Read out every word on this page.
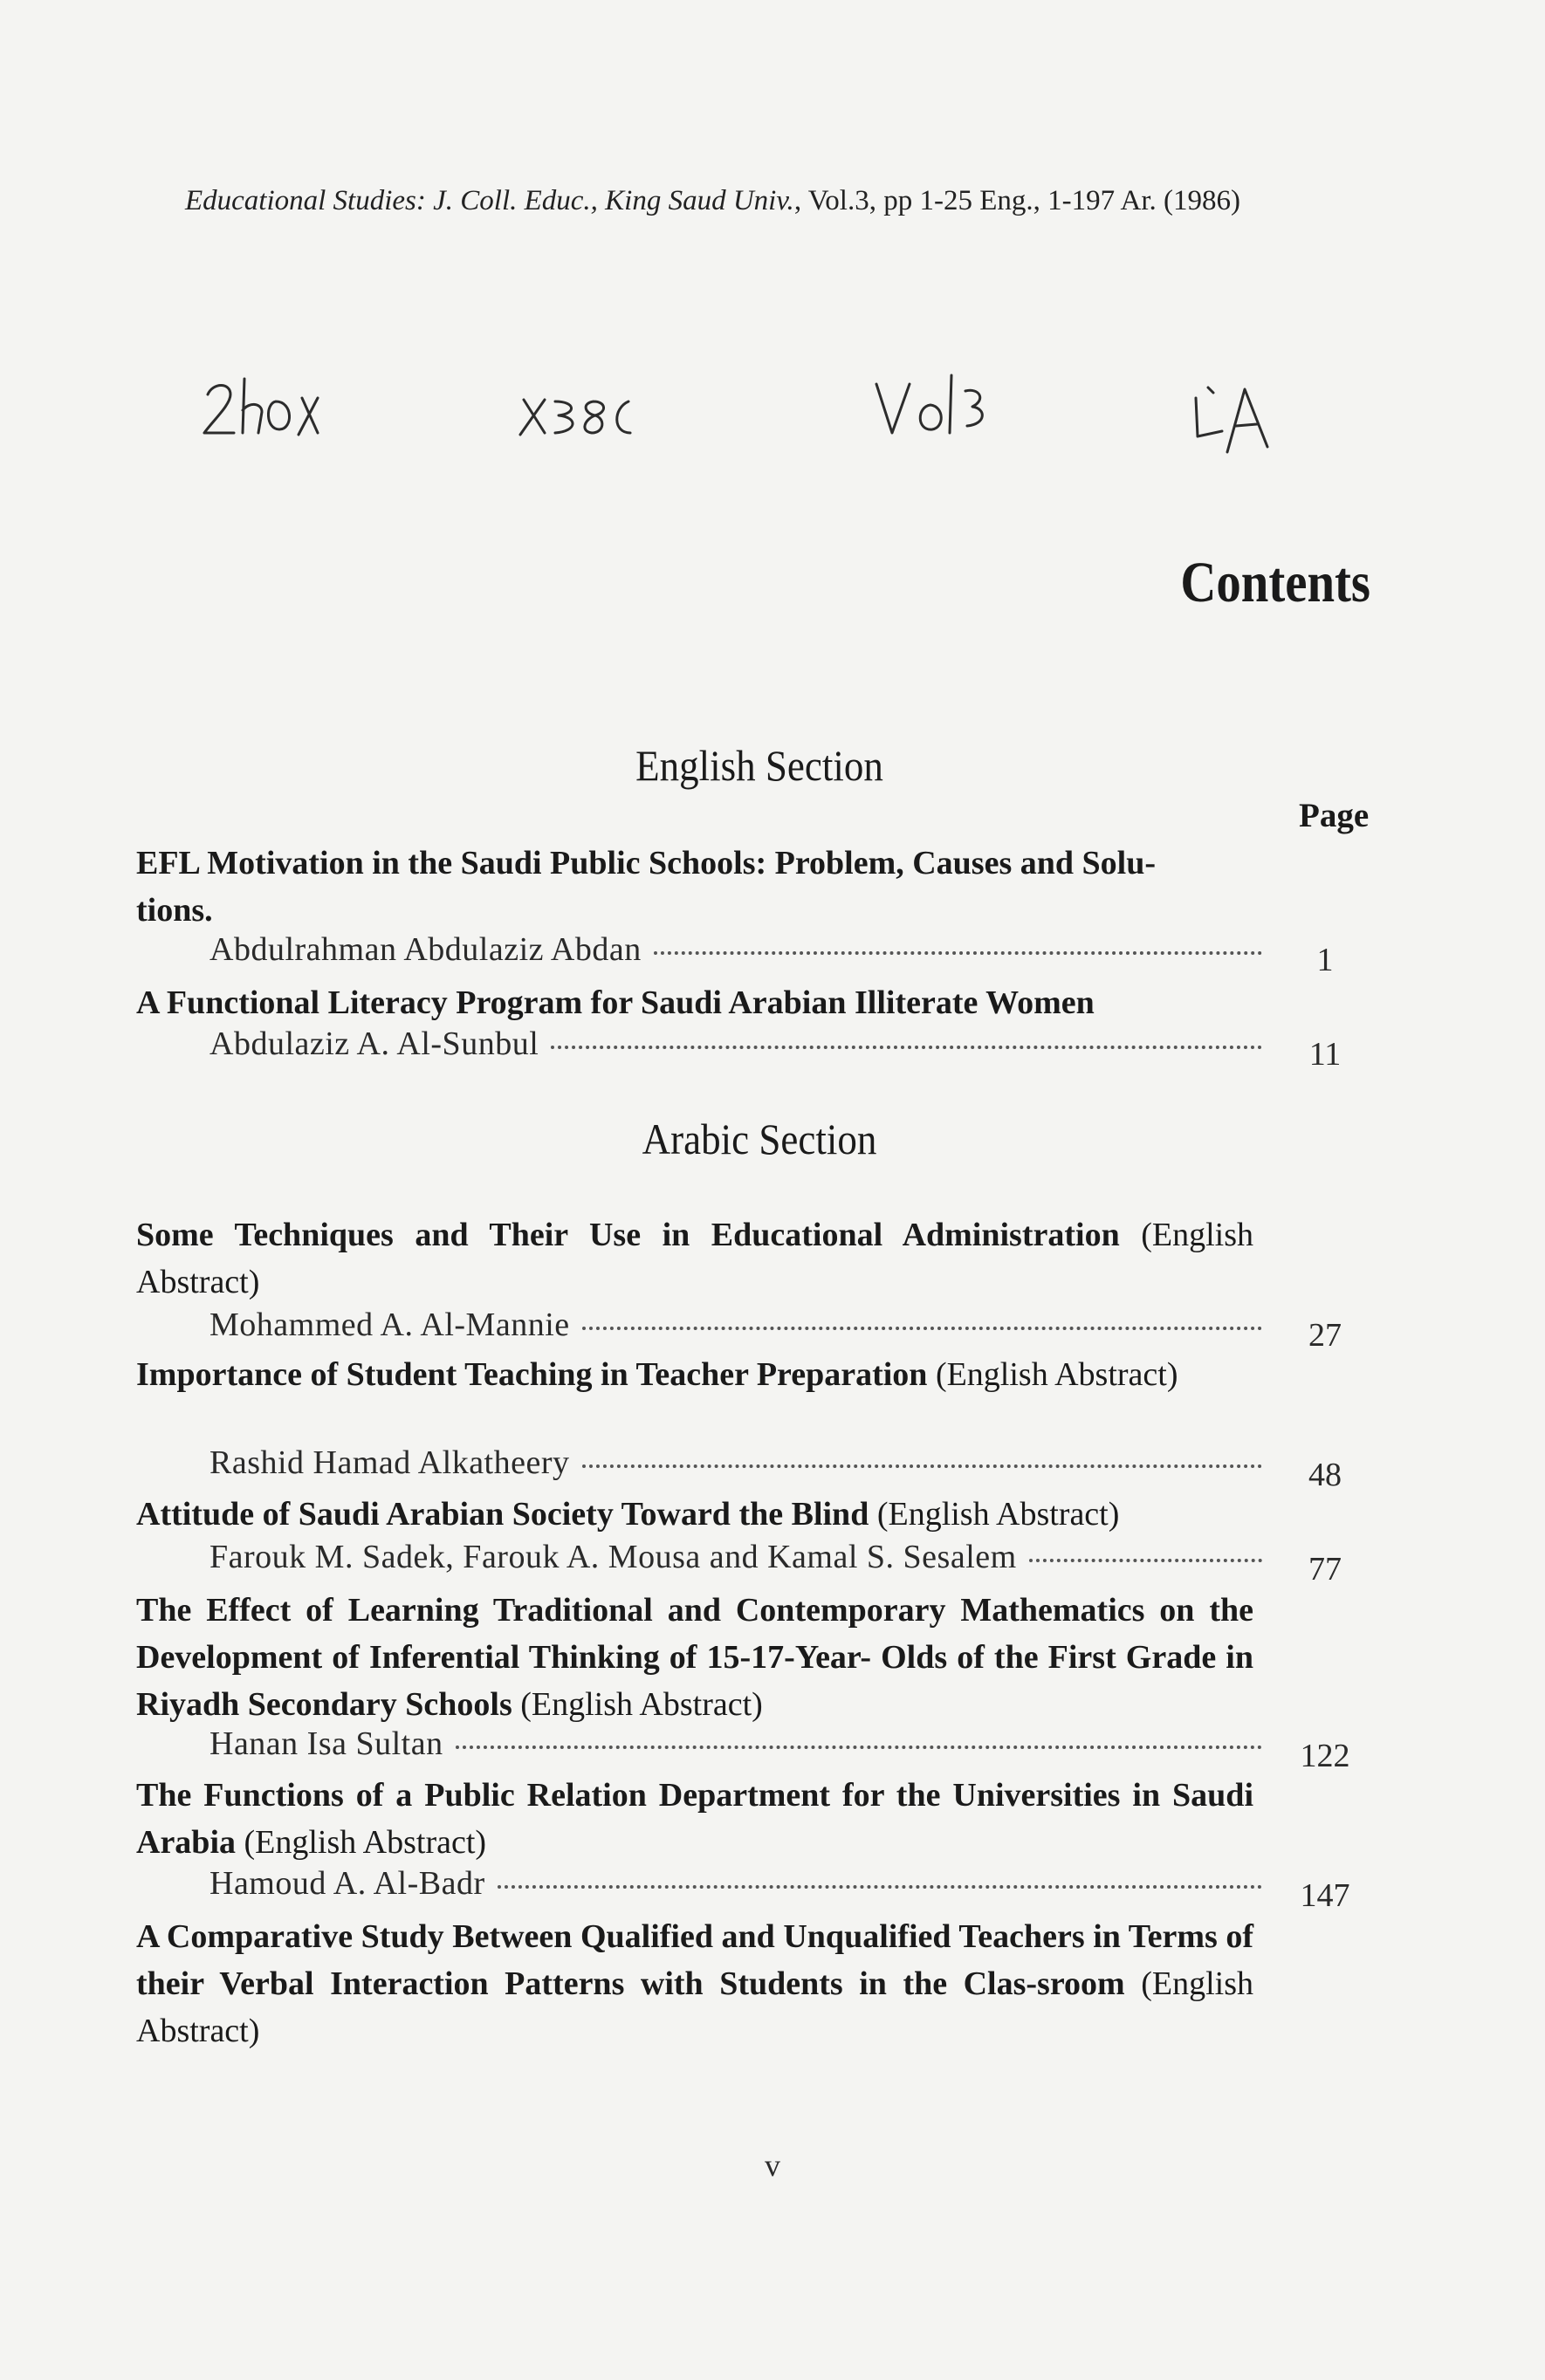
Educational Studies: J. Coll. Educ., King Saud Univ., Vol.3, pp 1-25 Eng., 1-197 Ar. (1986)
Contents
English Section
Page
EFL Motivation in the Saudi Public Schools: Problem, Causes and Solu-
tions.
Abdulrahman Abdulaziz Abdan	1
A Functional Literacy Program for Saudi Arabian Illiterate Women
Abdulaziz A. Al-Sunbul	11
Arabic Section
Some Techniques and Their Use in Educational Administration (English Abstract)
Mohammed A. Al-Mannie	27
Importance of Student Teaching in Teacher Preparation (English Abstract)
Rashid Hamad Alkatheery	48
Attitude of Saudi Arabian Society Toward the Blind (English Abstract)
Farouk M. Sadek, Farouk A. Mousa and Kamal S. Sesalem	77
The Effect of Learning Traditional and Contemporary Mathematics on the Development of Inferential Thinking of 15-17-Year- Olds of the First Grade in Riyadh Secondary Schools (English Abstract)
Hanan Isa Sultan	122
The Functions of a Public Relation Department for the Universities in Saudi Arabia (English Abstract)
Hamoud A. Al-Badr	147
A Comparative Study Between Qualified and Unqualified Teachers in Terms of their Verbal Interaction Patterns with Students in the Clas-sroom (English Abstract)
v
